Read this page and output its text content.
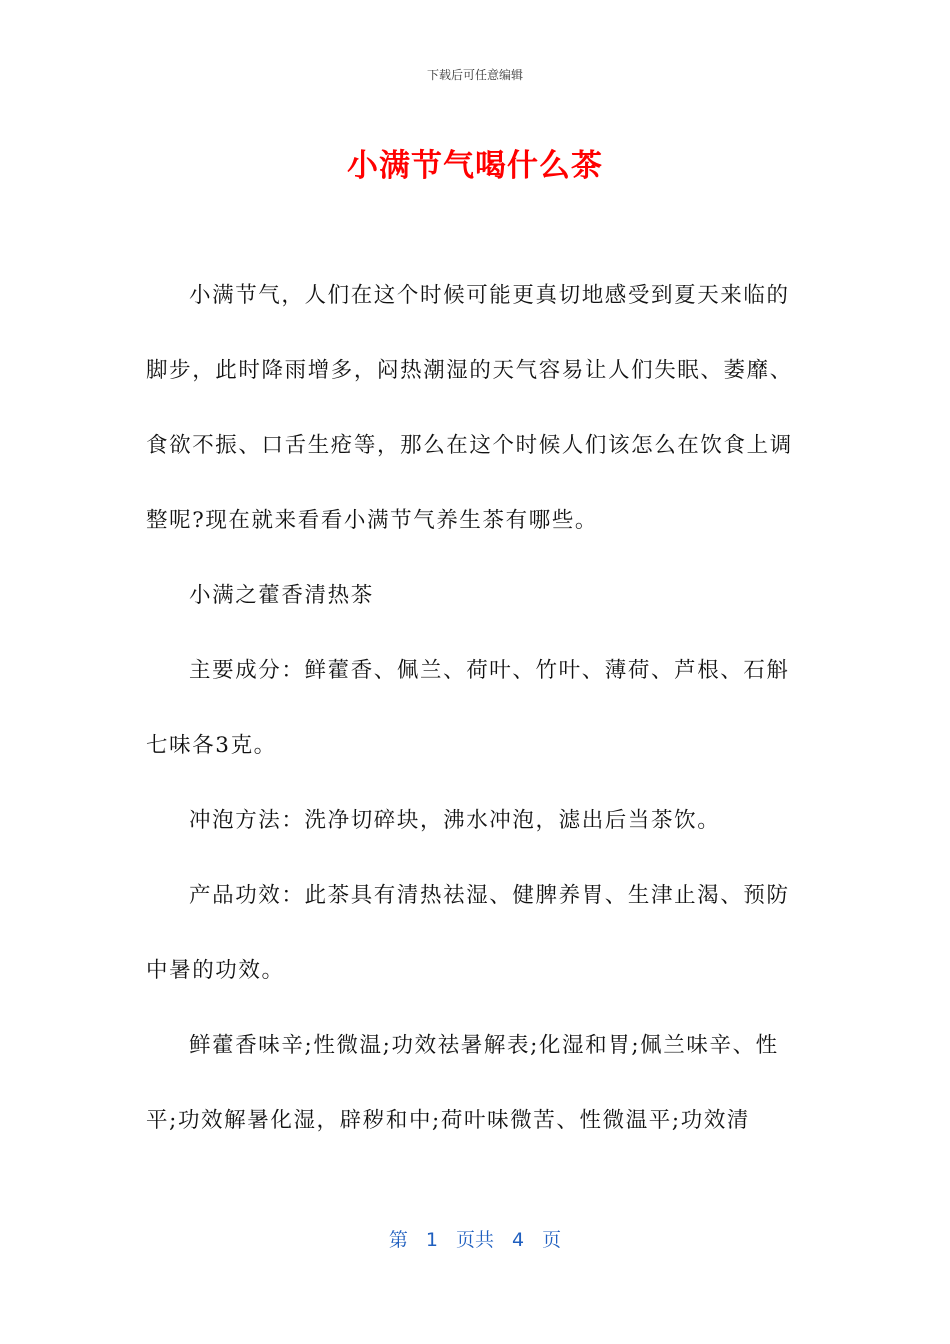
下载后可任意编辑
小满节气喝什么茶

小满节气，人们在这个时候可能更真切地感受到夏天来临的脚步，此时降雨增多，闷热潮湿的天气容易让人们失眠、萎靡、食欲不振、口舌生疮等，那么在这个时候人们该怎么在饮食上调整呢?现在就来看看小满节气养生茶有哪些。

小满之藿香清热茶

主要成分：鲜藿香、佩兰、荷叶、竹叶、薄荷、芦根、石斛七味各3克。

冲泡方法：洗净切碎块，沸水冲泡，滤出后当茶饮。

产品功效：此茶具有清热祛湿、健脾养胃、生津止渴、预防中暑的功效。

鲜藿香味辛;性微温;功效祛暑解表;化湿和胃;佩兰味辛、性平;功效解暑化湿，辟秽和中;荷叶味微苦、性微温平;功效清

第 1 页共 4 页
